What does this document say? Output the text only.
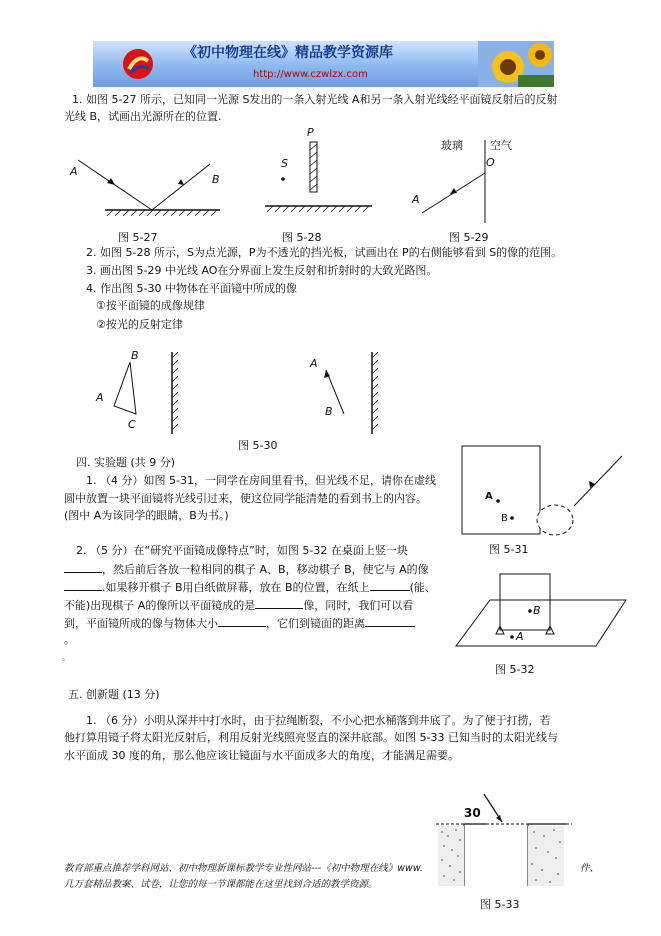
《初中物理在线》精品教学资源库
http://www.czwlzx.com
1. 如图 5-27 所示，已知同一光源 S发出的一条入射光线 A和另一条入射光线经平面镜反射后的反射
光线 B，试画出光源所在的位置.
A
B
图 5-27
P
S
图 5-28
玻璃 空气
O
A
图 5-29
2. 如图 5-28 所示，S为点光源，P为不透光的挡光板，试画出在 P的右侧能够看到 S的像的范围。
3. 画出图 5-29 中光线 AO在分界面上发生反射和折射时的大致光路图。
4. 作出图 5-30 中物体在平面镜中所成的像
①按平面镜的成像规律
②按光的反射定律
B
A
C
A
B
图 5-30
四. 实验题 (共 9 分)
1. （4 分）如图 5-31，一同学在房间里看书，但光线不足，请你在虚线
圆中放置一块平面镜将光线引过来，使这位同学能清楚的看到书上的内容。
(图中 A为该同学的眼睛，B为书。)
A
B
图 5-31
2. （5 分）在“研究平面镜成像特点”时，如图 5-32 在桌面上竖一块
，然后前后各放一粒相同的棋子 A、B，移动棋子 B，使它与 A的像
.如果移开棋子 B用白纸做屏幕，放在 B的位置，在纸上	(能、
不能)出现棋子 A的像所以平面镜成的是	像，同时，我们可以看
到，平面镜所成的像与物体大小	，它们到镜面的距离
。
。
B
A
图 5-32
五. 创新题 (13 分)
1. （6 分）小明从深井中打水时，由于拉绳断裂，不小心把水桶落到井底了。为了便于打捞，若
他打算用镜子将太阳光反射后，利用反射光线照亮竖直的深井底部。如图 5-33 已知当时的太阳光线与
水平面成 30 度的角，那么他应该让镜面与水平面成多大的角度，才能满足需要。
30
图 5-33
教育部重点推荐学科网站、初中物理新课标教学专业性网站---《初中物理在线》www.	件、
几万套精品教案、试卷，让您的每一节课都能在这里找到合适的教学资源。
